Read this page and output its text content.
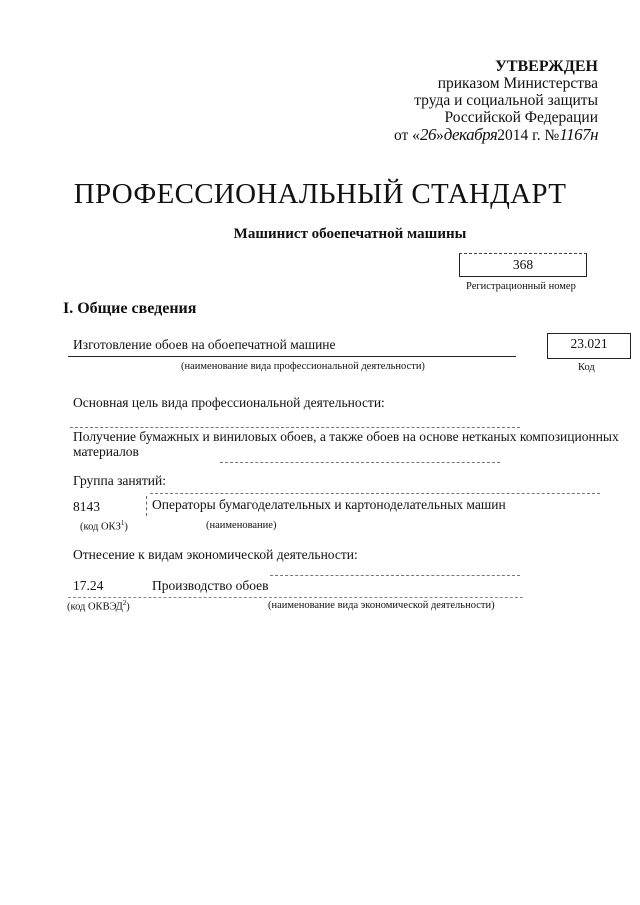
УТВЕРЖДЕН
приказом Министерства
труда и социальной защиты
Российской Федерации
от «26»декабря2014 г. №1167н
ПРОФЕССИОНАЛЬНЫЙ СТАНДАРТ
Машинист обоепечатной машины
368
Регистрационный номер
I. Общие сведения
Изготовление обоев на обоепечатной машине
(наименование вида профессиональной деятельности)
23.021
Код
Основная цель вида профессиональной деятельности:
Получение бумажных и виниловых обоев, а также обоев на основе нетканых композиционных
материалов
Группа занятий:
8143	Операторы бумагоделательных и картоноделательных машин
(код ОКЗ$^1$)	(наименование)
Отнесение к видам экономической деятельности:
17.24	Производство обоев
(код ОКВЭД$^2$)	(наименование вида экономической деятельности)
